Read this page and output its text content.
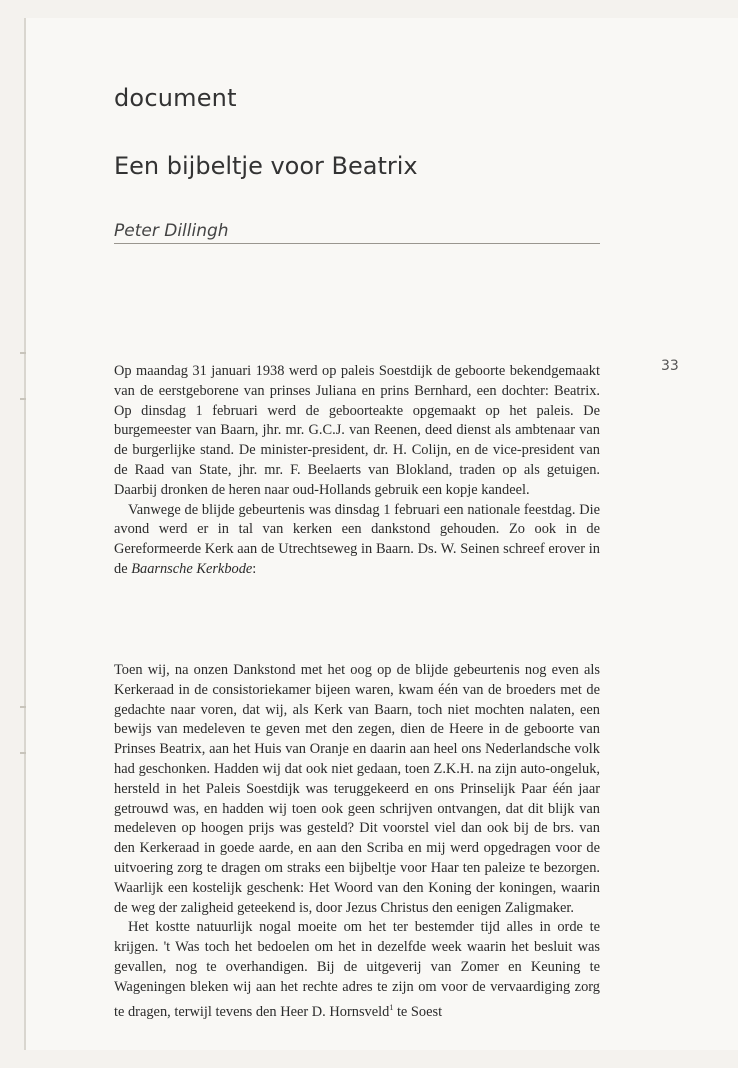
document
Een bijbeltje voor Beatrix
Peter Dillingh
33

Op maandag 31 januari 1938 werd op paleis Soestdijk de geboorte bekendgemaakt van de eerstgeborene van prinses Juliana en prins Bernhard, een dochter: Beatrix. Op dinsdag 1 februari werd de geboorteakte opgemaakt op het paleis. De burgemeester van Baarn, jhr. mr. G.C.J. van Reenen, deed dienst als ambtenaar van de burgerlijke stand. De minister-president, dr. H. Colijn, en de vice-president van de Raad van State, jhr. mr. F. Beelaerts van Blokland, traden op als getuigen. Daarbij dronken de heren naar oud-Hollands gebruik een kopje kandeel.

Vanwege de blijde gebeurtenis was dinsdag 1 februari een nationale feestdag. Die avond werd er in tal van kerken een dankstond gehouden. Zo ook in de Gereformeerde Kerk aan de Utrechtseweg in Baarn. Ds. W. Seinen schreef erover in de Baarnsche Kerkbode:

Toen wij, na onzen Dankstond met het oog op de blijde gebeurtenis nog even als Kerkeraad in de consistoriekamer bijeen waren, kwam één van de broeders met de gedachte naar voren, dat wij, als Kerk van Baarn, toch niet mochten nalaten, een bewijs van medeleven te geven met den zegen, dien de Heere in de geboorte van Prinses Beatrix, aan het Huis van Oranje en daarin aan heel ons Nederlandsche volk had geschonken. Hadden wij dat ook niet gedaan, toen Z.K.H. na zijn auto-ongeluk, hersteld in het Paleis Soestdijk was teruggekeerd en ons Prinselijk Paar één jaar getrouwd was, en hadden wij toen ook geen schrijven ontvangen, dat dit blijk van medeleven op hoogen prijs was gesteld? Dit voorstel viel dan ook bij de brs. van den Kerkeraad in goede aarde, en aan den Scriba en mij werd opgedragen voor de uitvoering zorg te dragen om straks een bijbeltje voor Haar ten paleize te bezorgen. Waarlijk een kostelijk geschenk: Het Woord van den Koning der koningen, waarin de weg der zaligheid geteekend is, door Jezus Christus den eenigen Zaligmaker.

Het kostte natuurlijk nogal moeite om het ter bestemder tijd alles in orde te krijgen. 't Was toch het bedoelen om het in dezelfde week waarin het besluit was gevallen, nog te overhandigen. Bij de uitgeverij van Zomer en Keuning te Wageningen bleken wij aan het rechte adres te zijn om voor de vervaardiging zorg te dragen, terwijl tevens den Heer D. Hornsveld$^1$ te Soest
